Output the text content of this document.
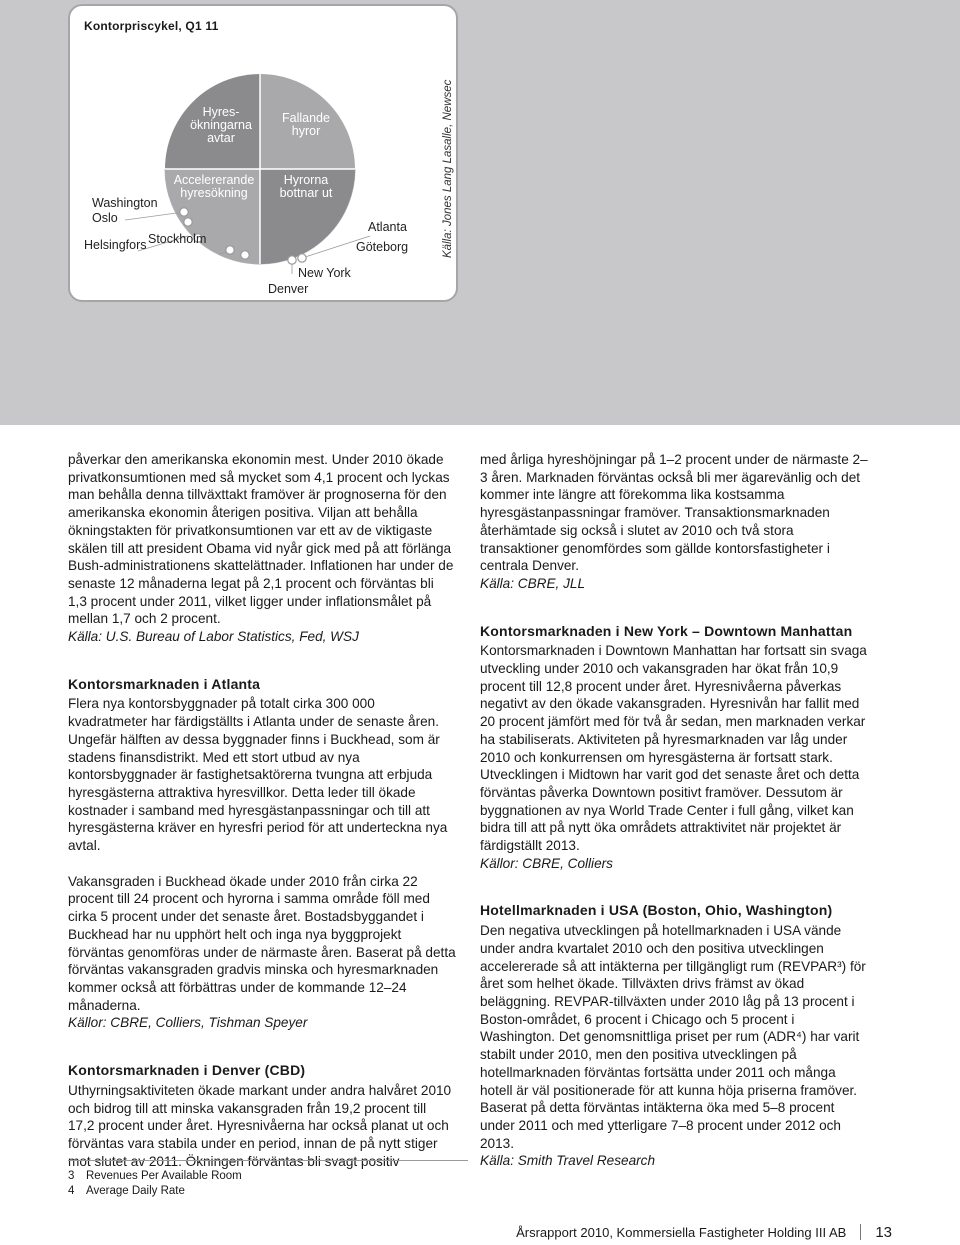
Kontorpriscykel, Q1 11
Hyres-
ökningarna
avtar
Fallande
hyror
Accelererande
hyresökning
Hyrorna
bottnar ut
Washington
Oslo
Helsingfors Stockholm
Atlanta
Göteborg
New York
Denver
Källa: Jones Lang Lasalle, Newsec

påverkar den amerikanska ekonomin mest. Under 2010 ökade privatkonsumtionen med så mycket som 4,1 procent och lyckas man behålla denna tillväxttakt framöver är prognoserna för den amerikanska ekonomin återigen positiva. Viljan att behålla ökningstakten för privatkonsumtionen var ett av de viktigaste skälen till att president Obama vid nyår gick med på att förlänga Bush-administrationens skattelättnader. Inflationen har under de senaste 12 månaderna legat på 2,1 procent och förväntas bli 1,3 procent under 2011, vilket ligger under inflationsmålet på mellan 1,7 och 2 procent.

Källa: U.S. Bureau of Labor Statistics, Fed, WSJ

Kontorsmarknaden i Atlanta

Flera nya kontorsbyggnader på totalt cirka 300 000 kvadratmeter har färdigställts i Atlanta under de senaste åren. Ungefär hälften av dessa byggnader finns i Buckhead, som är stadens finansdistrikt. Med ett stort utbud av nya kontorsbyggnader är fastighetsaktörerna tvungna att erbjuda hyresgästerna attraktiva hyresvillkor. Detta leder till ökade kostnader i samband med hyresgästanpassningar och till att hyresgästerna kräver en hyresfri period för att underteckna nya avtal.

Vakansgraden i Buckhead ökade under 2010 från cirka 22 procent till 24 procent och hyrorna i samma område föll med cirka 5 procent under det senaste året. Bostadsbyggandet i Buckhead har nu upphört helt och inga nya byggprojekt förväntas genomföras under de närmaste åren. Baserat på detta förväntas vakansgraden gradvis minska och hyresmarknaden kommer också att förbättras under de kommande 12–24 månaderna.

Källor: CBRE, Colliers, Tishman Speyer

Kontorsmarknaden i Denver (CBD)

Uthyrningsaktiviteten ökade markant under andra halvåret 2010 och bidrog till att minska vakansgraden från 19,2 procent till 17,2 procent under året. Hyresnivåerna har också planat ut och förväntas vara stabila under en period, innan de på nytt stiger mot slutet av 2011. Ökningen förväntas bli svagt positiv

med årliga hyreshöjningar på 1–2 procent under de närmaste 2–3 åren. Marknaden förväntas också bli mer ägarevänlig och det kommer inte längre att förekomma lika kostsamma hyresgästanpassningar framöver. Transaktionsmarknaden återhämtade sig också i slutet av 2010 och två stora transaktioner genomfördes som gällde kontorsfastigheter i centrala Denver.

Källa: CBRE, JLL

Kontorsmarknaden i New York – Downtown Manhattan

Kontorsmarknaden i Downtown Manhattan har fortsatt sin svaga utveckling under 2010 och vakansgraden har ökat från 10,9 procent till 12,8 procent under året. Hyresnivåerna påverkas negativt av den ökade vakansgraden. Hyresnivån har fallit med 20 procent jämfört med för två år sedan, men marknaden verkar ha stabiliserats. Aktiviteten på hyresmarknaden var låg under 2010 och konkurrensen om hyresgästerna är fortsatt stark. Utvecklingen i Midtown har varit god det senaste året och detta förväntas påverka Downtown positivt framöver. Dessutom är byggnationen av nya World Trade Center i full gång, vilket kan bidra till att på nytt öka områdets attraktivitet när projektet är färdigställt 2013.

Källor: CBRE, Colliers

Hotellmarknaden i USA (Boston, Ohio, Washington)

Den negativa utvecklingen på hotellmarknaden i USA vände under andra kvartalet 2010 och den positiva utvecklingen accelererade så att intäkterna per tillgängligt rum (REVPAR³) för året som helhet ökade. Tillväxten drivs främst av ökad beläggning. REVPAR-tillväxten under 2010 låg på 13 procent i Boston-området, 6 procent i Chicago och 5 procent i Washington. Det genomsnittliga priset per rum (ADR⁴) har varit stabilt under 2010, men den positiva utvecklingen på hotellmarknaden förväntas fortsätta under 2011 och många hotell är väl positionerade för att kunna höja priserna framöver. Baserat på detta förväntas intäkterna öka med 5–8 procent under 2011 och med ytterligare 7–8 procent under 2012 och 2013.

Källa: Smith Travel Research

3 Revenues Per Available Room
4 Average Daily Rate
Årsrapport 2010, Kommersiella Fastigheter Holding III AB 13
